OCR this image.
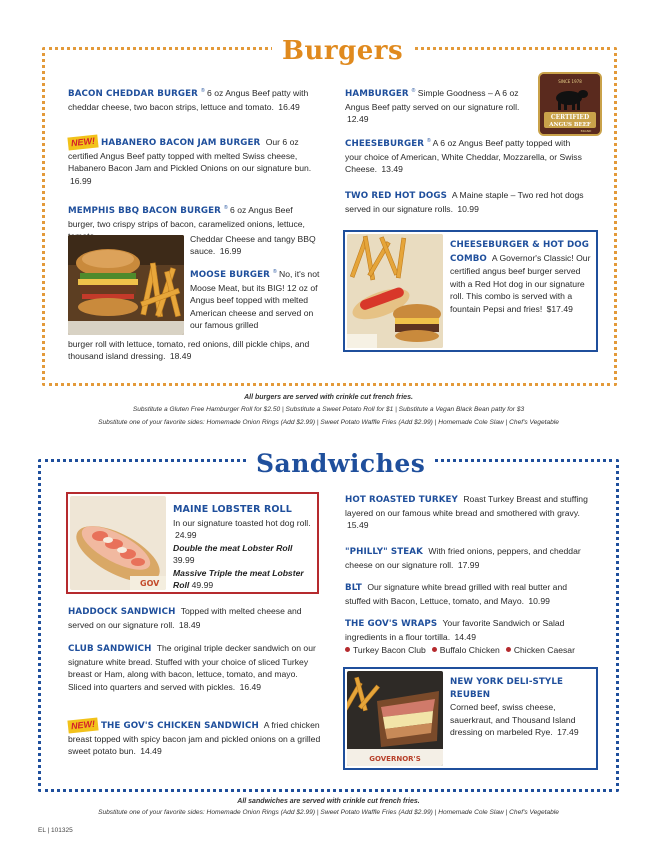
Burgers
BACON CHEDDAR BURGER ® 6 oz Angus Beef patty with cheddar cheese, two bacon strips, lettuce and tomato. 16.49
NEW! HABANERO BACON JAM BURGER Our 6 oz certified Angus Beef patty topped with melted Swiss cheese, Habanero Bacon Jam and Pickled Onions on our signature bun. 16.99
MEMPHIS BBQ BACON BURGER ® 6 oz Angus Beef burger, two crispy strips of bacon, caramelized onions, lettuce,
Cheddar Cheese and tangy BBQ sauce. 16.99
MOOSE BURGER ® No, it's not Moose Meat, but its BIG! 12 oz of Angus beef topped with melted American cheese and served on our famous grilled
burger roll with lettuce, tomato, red onions, dill pickle chips, and thousand island dressing. 18.49
HAMBURGER ® Simple Goodness – A 6 oz Angus Beef patty served on our signature roll. 12.49
SINCE 1978
CERTIFIED
ANGUS BEEF
BRAND
CHEESEBURGER ® A 6 oz Angus Beef patty topped with your choice of American, White Cheddar, Mozzarella, or Swiss Cheese. 13.49
TWO RED HOT DOGS A Maine staple – Two red hot dogs served in our signature rolls. 10.99
CHEESEBURGER & HOT DOG COMBO A Governor's Classic! Our certified angus beef burger served with a Red Hot dog in our signature roll. This combo is served with a fountain Pepsi and fries! $17.49
All burgers are served with crinkle cut french fries.
Substitute a Gluten Free Hamburger Roll for $2.50 | Substitute a Sweet Potato Roll for $1 | Substitute a Vegan Black Bean patty for $3
Substitute one of your favorite sides: Homemade Onion Rings (Add $2.99) | Sweet Potato Waffle Fries (Add $2.99) | Homemade Cole Slaw | Chef's Vegetable
Sandwiches
GOV
MAINE LOBSTER ROLL
In our signature toasted hot dog roll. 24.99
Double the meat Lobster Roll 39.99
Massive Triple the meat Lobster Roll 49.99
HADDOCK SANDWICH Topped with melted cheese and served on our signature roll. 18.49
CLUB SANDWICH The original triple decker sandwich on our signature white bread. Stuffed with your choice of sliced Turkey breast or Ham, along with bacon, lettuce, tomato, and mayo. Sliced into quarters and served with pickles. 16.49
NEW! THE GOV'S CHICKEN SANDWICH A fried chicken breast topped with spicy bacon jam and pickled onions on a grilled sweet potato bun. 14.49
HOT ROASTED TURKEY Roast Turkey Breast and stuffing layered on our famous white bread and smothered with gravy. 15.49
"PHILLY" STEAK With fried onions, peppers, and cheddar cheese on our signature roll. 17.99
BLT Our signature white bread grilled with real butter and stuffed with Bacon, Lettuce, tomato, and Mayo. 10.99
THE GOV'S WRAPS Your favorite Sandwich or Salad ingredients in a flour tortilla. 14.49
Turkey Bacon Club	Buffalo Chicken	Chicken Caesar
GOVERNOR'S
NEW YORK DELI-STYLE REUBEN
Corned beef, swiss cheese, sauerkraut, and Thousand Island dressing on marbeled Rye. 17.49
All sandwiches are served with crinkle cut french fries.
Substitute one of your favorite sides: Homemade Onion Rings (Add $2.99) | Sweet Potato Waffle Fries (Add $2.99) | Homemade Cole Slaw | Chef's Vegetable
EL | 101325
